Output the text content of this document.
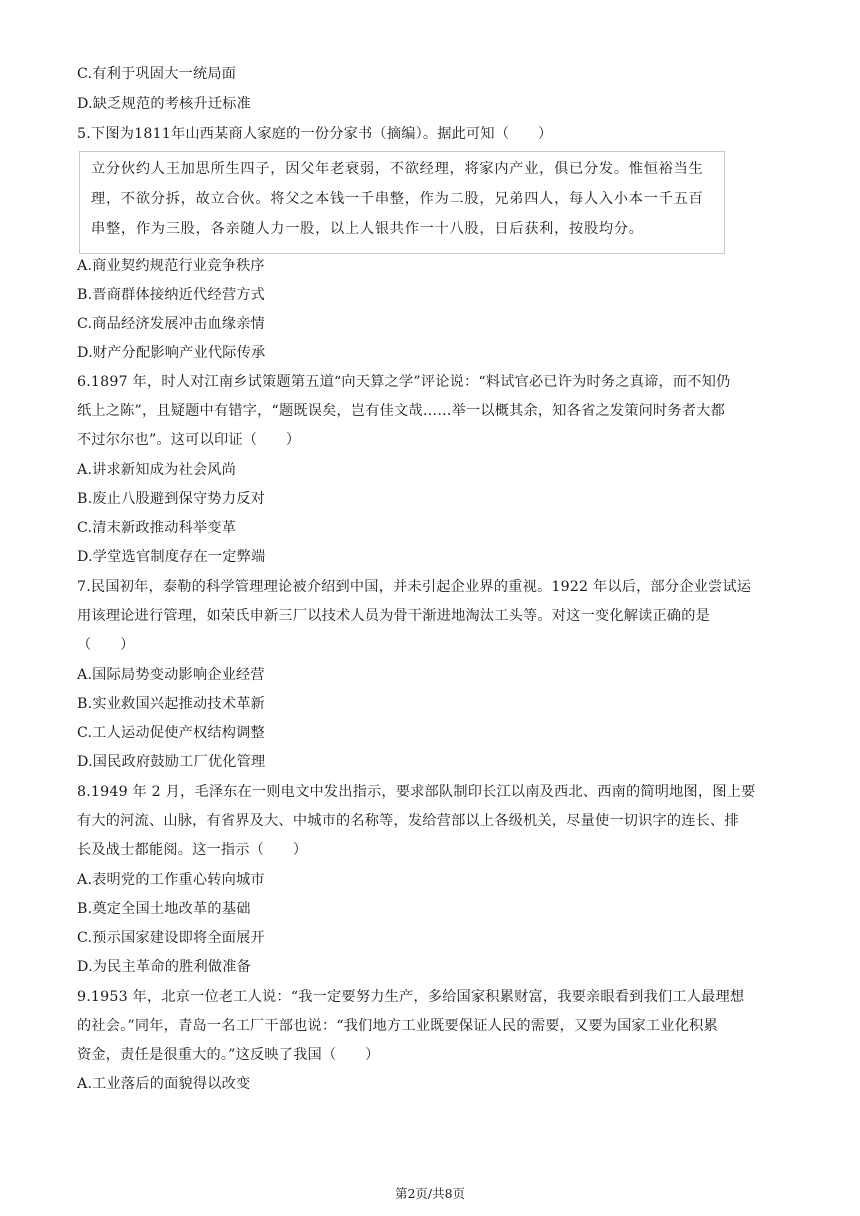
C.有利于巩固大一统局面
D.缺乏规范的考核升迁标准
5.下图为1811年山西某商人家庭的一份分家书（摘编）。据此可知（　　）
立分伙约人王加思所生四子，因父年老衰弱，不欲经理，将家内产业，俱已分发。惟恒裕当生
理，不欲分拆，故立合伙。将父之本钱一千串整，作为二股，兄弟四人，每人入小本一千五百
串整，作为三股，各亲随人力一股，以上人银共作一十八股，日后获利，按股均分。
A.商业契约规范行业竞争秩序
B.晋商群体接纳近代经营方式
C.商品经济发展冲击血缘亲情
D.财产分配影响产业代际传承
6.1897 年，时人对江南乡试策题第五道“向天算之学”评论说：“料试官必已许为时务之真谛，而不知仍
纸上之陈”，且疑题中有错字，“题既误矣，岂有佳文哉……举一以概其余，知各省之发策问时务者大都
不过尔尔也”。这可以印证（　　）
A.讲求新知成为社会风尚
B.废止八股避到保守势力反对
C.清末新政推动科举变革
D.学堂选官制度存在一定弊端
7.民国初年，泰勒的科学管理理论被介绍到中国，并未引起企业界的重视。1922 年以后，部分企业尝试运
用该理论进行管理，如荣氏申新三厂以技术人员为骨干渐进地淘汰工头等。对这一变化解读正确的是
（　　）
A.国际局势变动影响企业经营
B.实业救国兴起推动技术革新
C.工人运动促使产权结构调整
D.国民政府鼓励工厂优化管理
8.1949 年 2 月，毛泽东在一则电文中发出指示，要求部队制印长江以南及西北、西南的简明地图，图上要
有大的河流、山脉，有省界及大、中城市的名称等，发给营部以上各级机关，尽量使一切识字的连长、排
长及战士都能阅。这一指示（　　）
A.表明党的工作重心转向城市
B.奠定全国土地改革的基础
C.预示国家建设即将全面展开
D.为民主革命的胜利做准备
9.1953 年，北京一位老工人说：“我一定要努力生产，多给国家积累财富，我要亲眼看到我们工人最理想
的社会。”同年，青岛一名工厂干部也说：“我们地方工业既要保证人民的需要，又要为国家工业化积累
资金，责任是很重大的。”这反映了我国（　　）
A.工业落后的面貌得以改变
第2页/共8页
